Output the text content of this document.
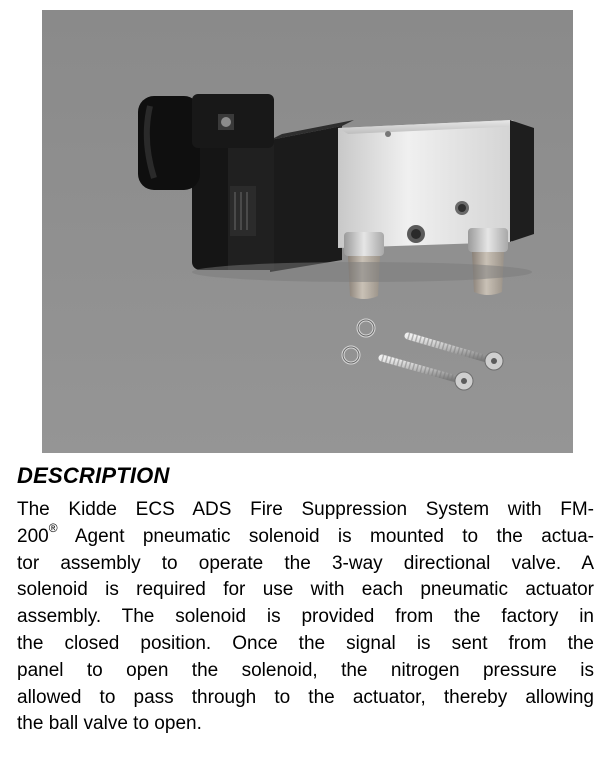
DESCRIPTION

The Kidde ECS ADS Fire Suppression System with FM-
200® Agent pneumatic solenoid is mounted to the actua-
tor assembly to operate the 3-way directional valve. A
solenoid is required for use with each pneumatic actuator
assembly. The solenoid is provided from the factory in
the closed position. Once the signal is sent from the
panel to open the solenoid, the nitrogen pressure is
allowed to pass through to the actuator, thereby allowing
the ball valve to open.
